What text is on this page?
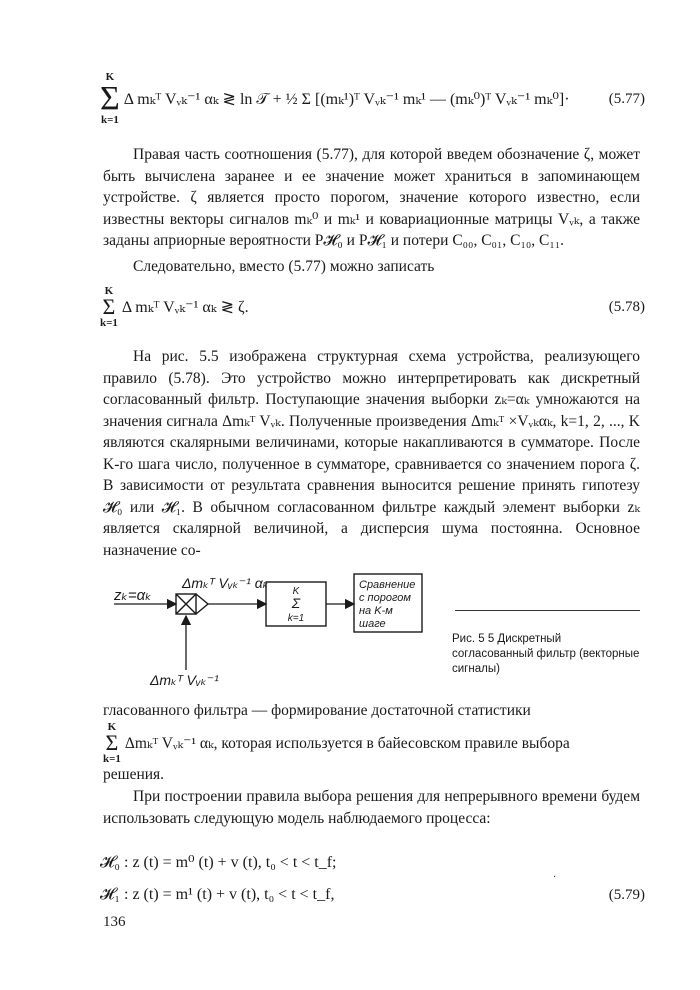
K
Σ
k=1
Δ mₖᵀ Vᵥₖ⁻¹ αₖ ≷ ln 𝒯 + ½ Σ [(mₖ¹)ᵀ Vᵥₖ⁻¹ mₖ¹ — (mₖ⁰)ᵀ Vᵥₖ⁻¹ mₖ⁰]·	(5.77)

Правая часть соотношения (5.77), для которой введем обозначение ζ, может быть вычислена заранее и ее значение может храниться в запоминающем устройстве. ζ является просто порогом, значение которого известно, если известны векторы сигналов mₖ⁰ и mₖ¹ и ковариационные матрицы Vᵥₖ, а также заданы априорные вероятности P𝓗₀ и P𝓗₁ и потери C₀₀, C₀₁, C₁₀, C₁₁.

Следовательно, вместо (5.77) можно записать

K
Σ
k=1
Δ mₖᵀ Vᵥₖ⁻¹ αₖ ≷ ζ.	(5.78)

На рис. 5.5 изображена структурная схема устройства, реализующего правило (5.78). Это устройство можно интерпретировать как дискретный согласованный фильтр. Поступающие значения выборки zₖ=αₖ умножаются на значения сигнала Δmₖᵀ Vᵥₖ. Полученные произведения Δmₖᵀ ×Vᵥₖαₖ, k=1, 2, ..., K являются скалярными величинами, которые накапливаются в сумматоре. После K-го шага число, полученное в сумматоре, сравнивается со значением порога ζ. В зависимости от результата сравнения выносится решение принять гипотезу 𝓗₀ или 𝓗₁. В обычном согласованном фильтре каждый элемент выборки zₖ является скалярной величиной, а дисперсия шума постоянна. Основное назначение со-

zₖ=αₖ
Δmₖᵀ Vᵥₖ⁻¹ αₖ
Δmₖᵀ Vᵥₖ⁻¹
K
Σ
k=1
Сравнение
с порогом
на K-м
шаге

Рис. 5 5 Дискретный согласованный фильтр (векторные сигналы)

гласованного фильтра — формирование достаточной статистики

K
Σ
k=1
Δmₖᵀ Vᵥₖ⁻¹ αₖ, которая используется в байесовском правиле выбора

решения.

При построении правила выбора решения для непрерывного времени будем использовать следующую модель наблюдаемого процесса:

𝓗₀ : z (t) = m⁰ (t) + v (t), t₀ < t < t_f;
𝓗₁ : z (t) = m¹ (t) + v (t), t₀ < t < t_f,	(5.79)
·
136
